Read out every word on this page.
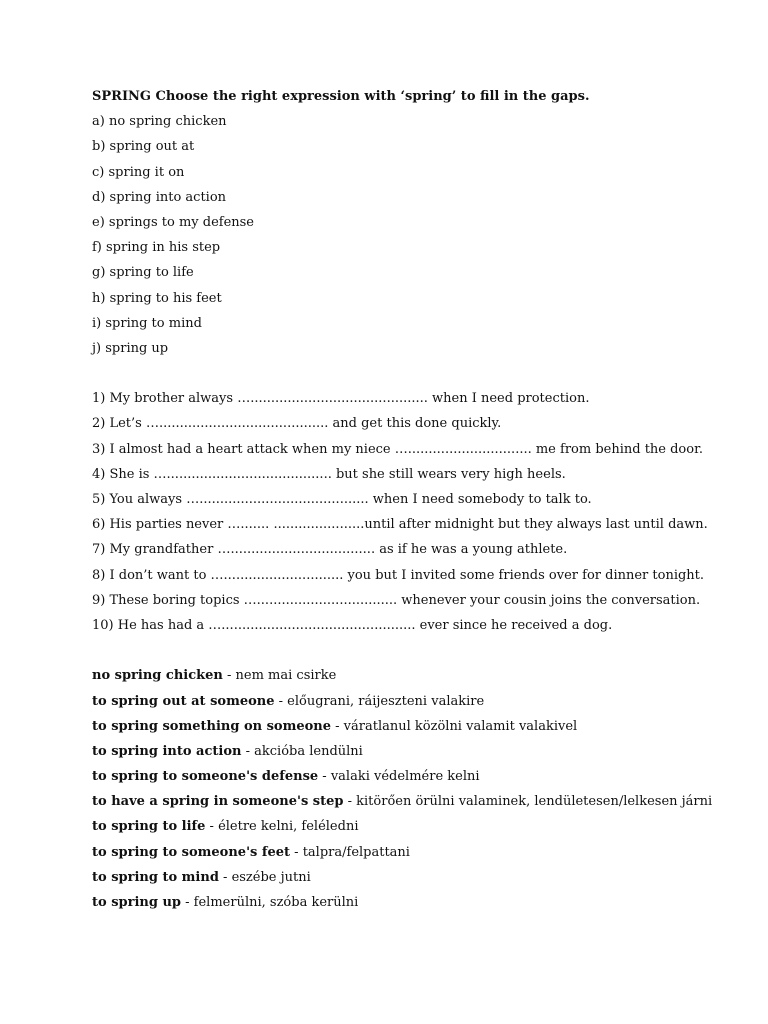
SPRING Choose the right expression with ‘spring’ to fill in the gaps.
a) no spring chicken
b) spring out at
c) spring it on
d) spring into action
e) springs to my defense
f) spring in his step
g) spring to life
h) spring to his feet
i) spring to mind
j) spring up
1) My brother always …........................................... when I need protection.
2) Let’s …......................................... and get this done quickly.
3) I almost had a heart attack when my niece ….............................. me from behind the door.
4) She is …........................................ but she still wears very high heels.
5) You always …......................................... when I need somebody to talk to.
6) His parties never …....... ......................until after midnight but they always last until dawn.
7) My grandfather …................................... as if he was a young athlete.
8) I don’t want to …............................. you but I invited some friends over for dinner tonight.
9) These boring topics ….................................. whenever your cousin joins the conversation.
10) He has had a …............................................... ever since he received a dog.
no spring chicken - nem mai csirke
to spring out at someone - előugrani, ráijeszteni valakire
to spring something on someone - váratlanul közölni valamit valakivel
to spring into action - akcióba lendülni
to spring to someone's defense - valaki védelmére kelni
to have a spring in someone's step - kitörően örülni valaminek, lendületesen/lelkesen járni
to spring to life - életre kelni, feléledni
to spring to someone's feet - talpra/felpattani
to spring to mind - eszébe jutni
to spring up - felmerülni, szóba kerülni
